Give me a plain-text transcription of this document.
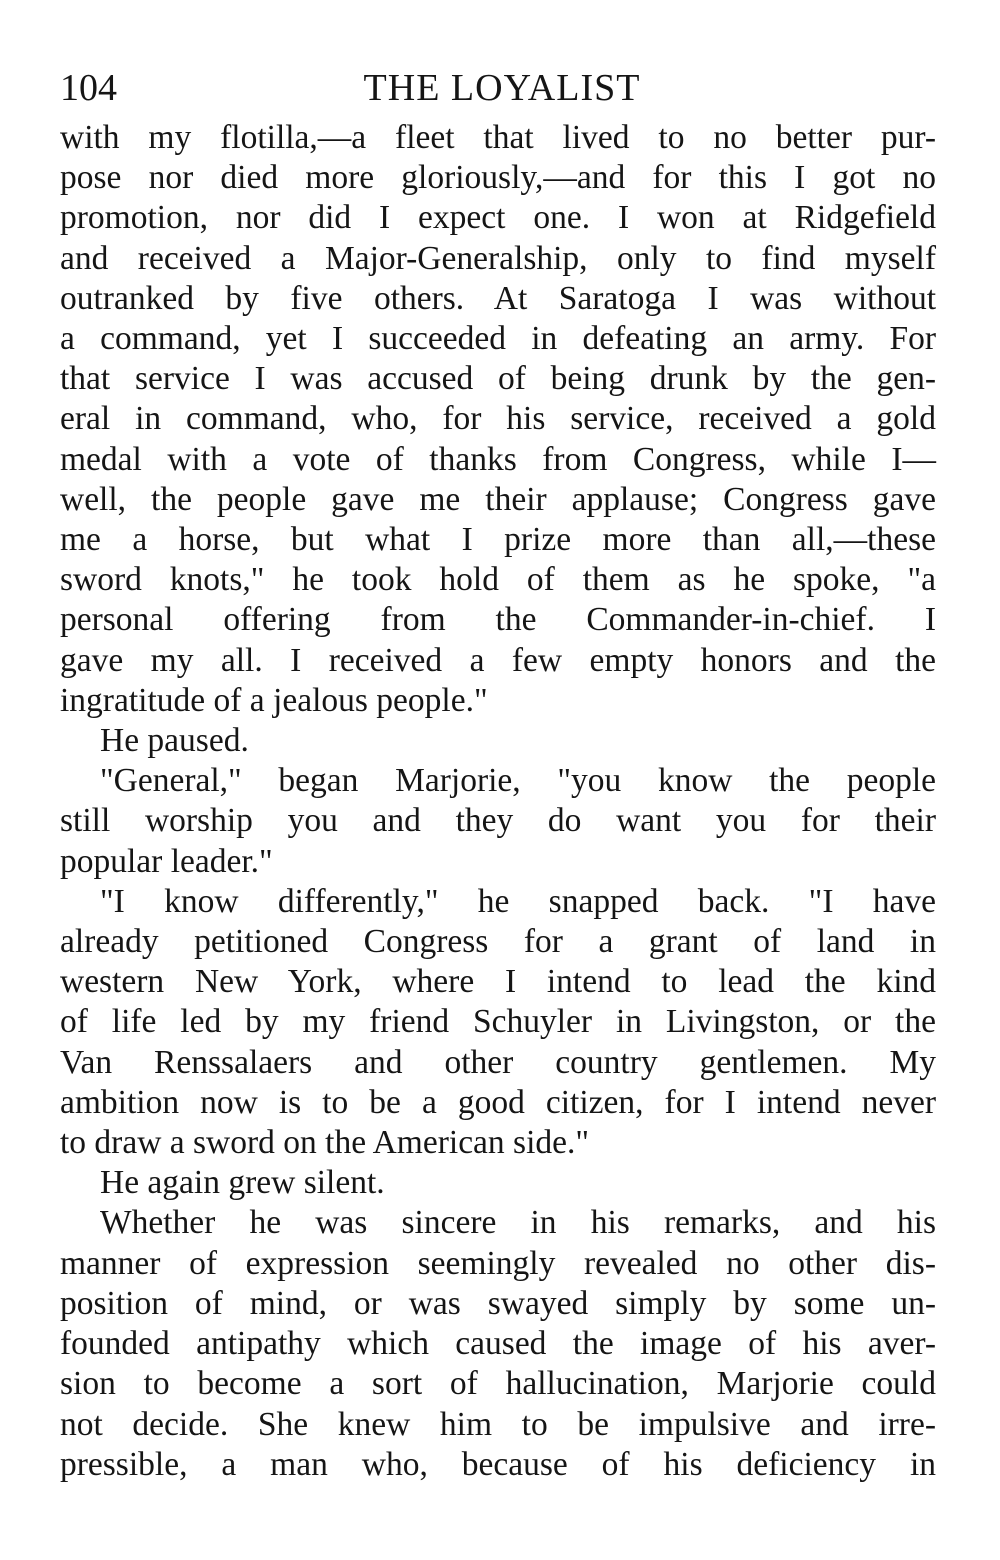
104	THE LOYALIST
with my flotilla,—a fleet that lived to no better pur-
pose nor died more gloriously,—and for this I got no
promotion, nor did I expect one. I won at Ridgefield
and received a Major-Generalship, only to find myself
outranked by five others. At Saratoga I was without
a command, yet I succeeded in defeating an army. For
that service I was accused of being drunk by the gen-
eral in command, who, for his service, received a gold
medal with a vote of thanks from Congress, while I—
well, the people gave me their applause; Congress gave
me a horse, but what I prize more than all,—these
sword knots," he took hold of them as he spoke, "a
personal offering from the Commander-in-chief. I
gave my all. I received a few empty honors and the
ingratitude of a jealous people."
He paused.
"General," began Marjorie, "you know the people
still worship you and they do want you for their
popular leader."
"I know differently," he snapped back. "I have
already petitioned Congress for a grant of land in
western New York, where I intend to lead the kind
of life led by my friend Schuyler in Livingston, or the
Van Renssalaers and other country gentlemen. My
ambition now is to be a good citizen, for I intend never
to draw a sword on the American side."
He again grew silent.
Whether he was sincere in his remarks, and his
manner of expression seemingly revealed no other dis-
position of mind, or was swayed simply by some un-
founded antipathy which caused the image of his aver-
sion to become a sort of hallucination, Marjorie could
not decide. She knew him to be impulsive and irre-
pressible, a man who, because of his deficiency in
